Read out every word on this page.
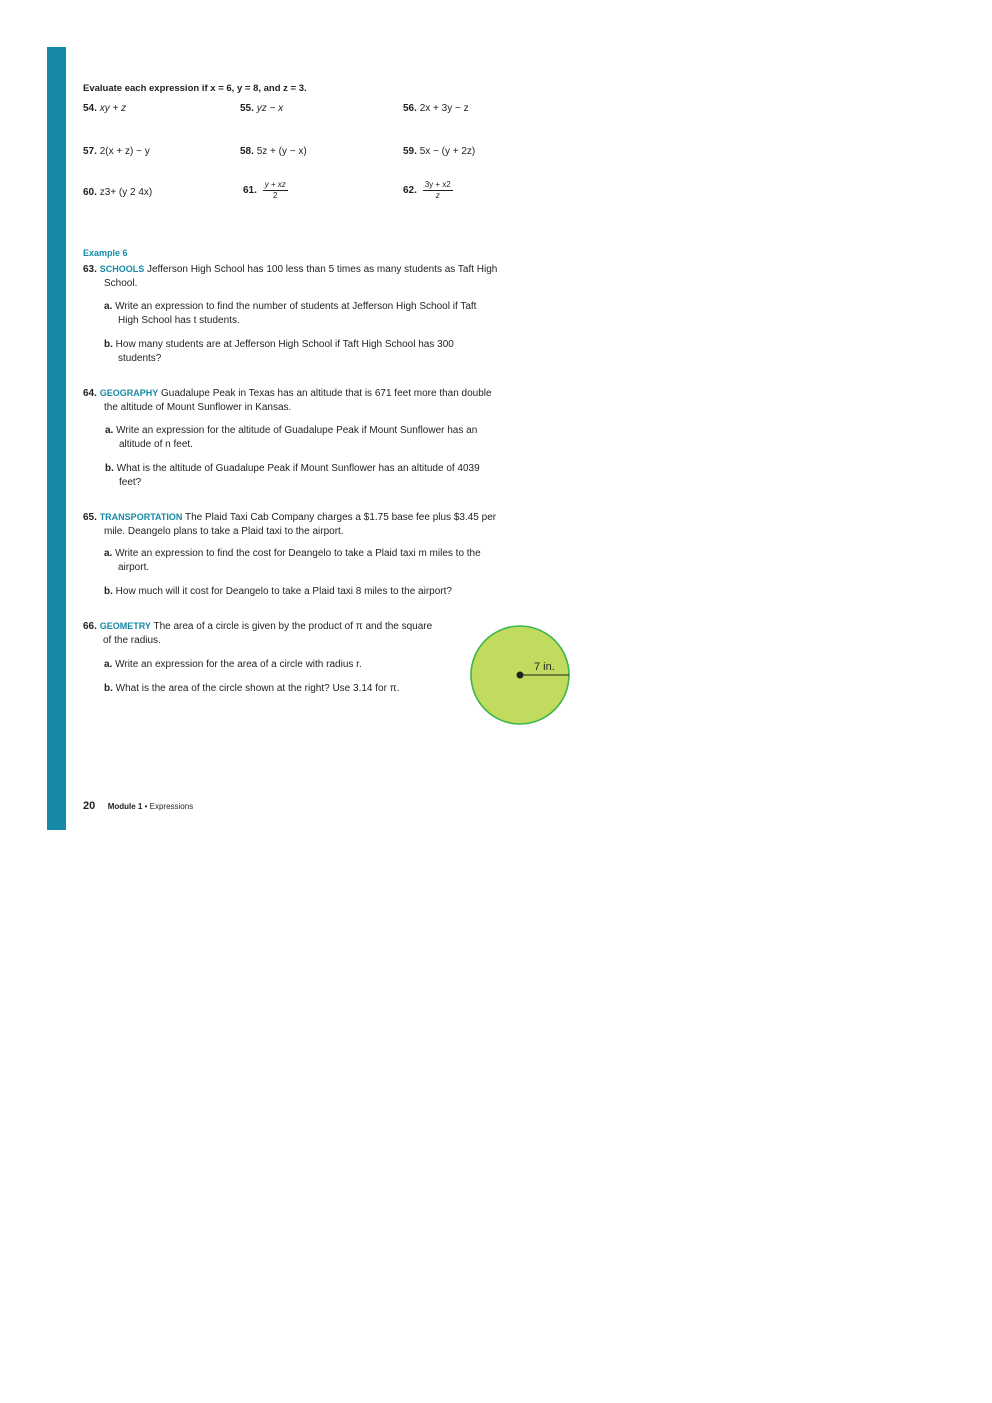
Evaluate each expression if x = 6, y = 8, and z = 3.
54. xy + z	55. yz − x	56. 2x + 3y − z
57. 2(x + z) − y	58. 5z + (y − x)	59. 5x − (y + 2z)
60. z3+ (y 2 4x)	61. $\frac{y + xz}{2}$	62. $\frac{3y + x2}{z}$
Example 6
63. SCHOOLS Jefferson High School has 100 less than 5 times as many students as Taft High School.
a. Write an expression to find the number of students at Jefferson High School if Taft High School has t students.
b. How many students are at Jefferson High School if Taft High School has 300 students?
64. GEOGRAPHY Guadalupe Peak in Texas has an altitude that is 671 feet more than double the altitude of Mount Sunflower in Kansas.
a. Write an expression for the altitude of Guadalupe Peak if Mount Sunflower has an altitude of n feet.
b. What is the altitude of Guadalupe Peak if Mount Sunflower has an altitude of 4039 feet?
65. TRANSPORTATION The Plaid Taxi Cab Company charges a $1.75 base fee plus $3.45 per mile. Deangelo plans to take a Plaid taxi to the airport.
a. Write an expression to find the cost for Deangelo to take a Plaid taxi m miles to the airport.
b. How much will it cost for Deangelo to take a Plaid taxi 8 miles to the airport?
66. GEOMETRY The area of a circle is given by the product of π and the square of the radius.
a. Write an expression for the area of a circle with radius r.
b. What is the area of the circle shown at the right? Use 3.14 for π.
20 Module 1 • Expressions
7 in.
